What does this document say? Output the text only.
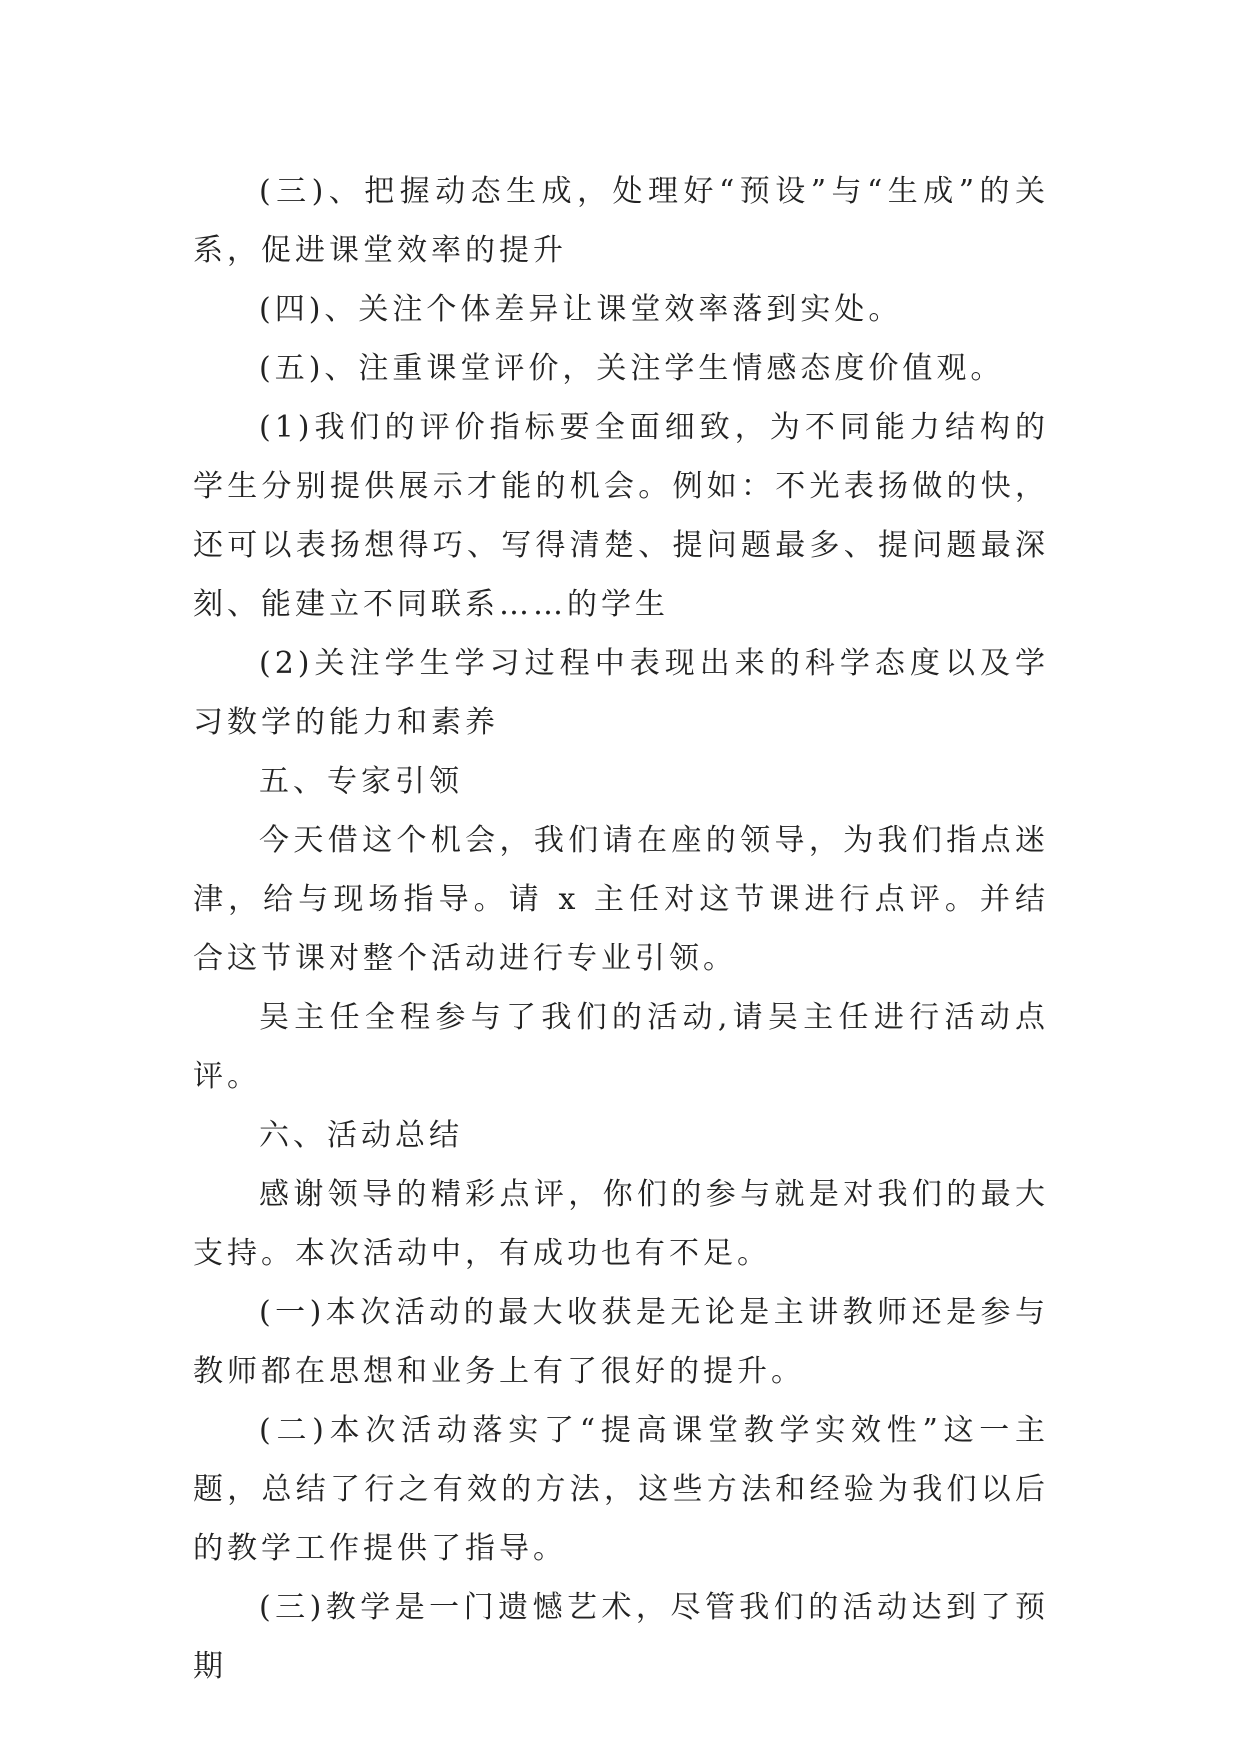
(三)、把握动态生成，处理好“预设”与“生成”的关系，促进课堂效率的提升

(四)、关注个体差异让课堂效率落到实处。

(五)、注重课堂评价，关注学生情感态度价值观。

(1)我们的评价指标要全面细致，为不同能力结构的学生分别提供展示才能的机会。例如：不光表扬做的快，还可以表扬想得巧、写得清楚、提问题最多、提问题最深刻、能建立不同联系……的学生

(2)关注学生学习过程中表现出来的科学态度以及学习数学的能力和素养

五、专家引领

今天借这个机会，我们请在座的领导，为我们指点迷津，给与现场指导。请 x 主任对这节课进行点评。并结合这节课对整个活动进行专业引领。

吴主任全程参与了我们的活动,请吴主任进行活动点评。

六、活动总结

感谢领导的精彩点评，你们的参与就是对我们的最大支持。本次活动中，有成功也有不足。

(一)本次活动的最大收获是无论是主讲教师还是参与教师都在思想和业务上有了很好的提升。

(二)本次活动落实了“提高课堂教学实效性”这一主题，总结了行之有效的方法，这些方法和经验为我们以后的教学工作提供了指导。

(三)教学是一门遗憾艺术，尽管我们的活动达到了预期
